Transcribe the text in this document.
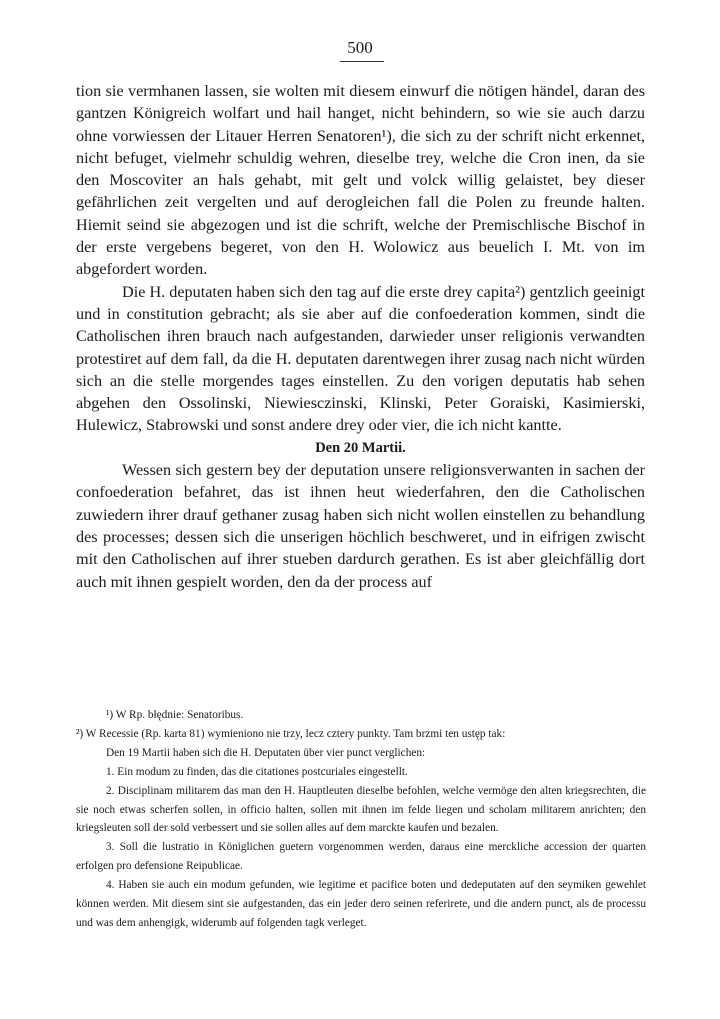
500

tion sie vermhanen lassen, sie wolten mit diesem einwurf die nötigen händel, daran des gantzen Königreich wolfart und hail hanget, nicht behindern, so wie sie auch darzu ohne vorwiessen der Litauer Herren Senatoren¹), die sich zu der schrift nicht erkennet, nicht befuget, vielmehr schuldig wehren, dieselbe trey, welche die Cron inen, da sie den Moscoviter an hals gehabt, mit gelt und volck willig gelaistet, bey dieser gefährlichen zeit vergelten und auf derogleichen fall die Polen zu freunde halten. Hiemit seind sie abgezogen und ist die schrift, welche der Premischlische Bischof in der erste vergebens begeret, von den H. Wolowicz aus beuelich I. Mt. von im abgefordert worden.

Die H. deputaten haben sich den tag auf die erste drey capita²) gentzlich geeinigt und in constitution gebracht; als sie aber auf die confoederation kommen, sindt die Catholischen ihren brauch nach aufgestanden, darwieder unser religionis verwandten protestiret auf dem fall, da die H. deputaten darentwegen ihrer zusag nach nicht würden sich an die stelle morgendes tages einstellen. Zu den vorigen deputatis hab sehen abgehen den Ossolinski, Niewiesczinski, Klinski, Peter Goraiski, Kasimierski, Hulewicz, Stabrowski und sonst andere drey oder vier, die ich nicht kantte.

Den 20 Martii.

Wessen sich gestern bey der deputation unsere religionsverwanten in sachen der confoederation befahret, das ist ihnen heut wiederfahren, den die Catholischen zuwiedern ihrer drauf gethaner zusag haben sich nicht wollen einstellen zu behandlung des processes; dessen sich die unserigen höchlich beschweret, und in eifrigen zwischt mit den Catholischen auf ihrer stueben dardurch gerathen. Es ist aber gleichfällig dort auch mit ihnen gespielt worden, den da der process auf

¹) W Rp. błędnie: Senatoribus.

²) W Recessie (Rp. karta 81) wymieniono nie trzy, lecz cztery punkty. Tam brzmi ten ustęp tak:

Den 19 Martii haben sich die H. Deputaten über vier punct verglichen:

1. Ein modum zu finden, das die citationes postcuriales eingestellt.

2. Disciplinam militarem das man den H. Hauptleuten dieselbe befohlen, welche vermöge den alten kriegsrechten, die sie noch etwas scherfen sollen, in officio halten, sollen mit ihnen im felde liegen und scholam militarem anrichten; den kriegsleuten soll der sold verbessert und sie sollen alles auf dem marckte kaufen und bezalen.

3. Soll die lustratio in Königlichen guetern vorgenommen werden, daraus eine merckliche accession der quarten erfolgen pro defensione Reipublicae.

4. Haben sie auch ein modum gefunden, wie legitime et pacifice boten und dedeputaten auf den seymiken gewehlet können werden. Mit diesem sint sie aufgestanden, das ein jeder dero seinen referirete, und die andern punct, als de processu und was dem anhengigk, widerumb auf folgenden tagk verleget.
